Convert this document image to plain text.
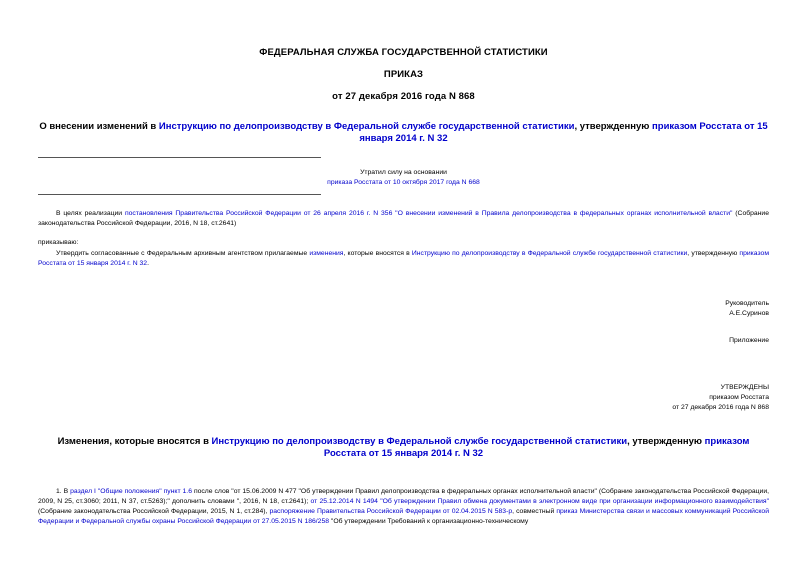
ФЕДЕРАЛЬНАЯ СЛУЖБА ГОСУДАРСТВЕННОЙ СТАТИСТИКИ
ПРИКАЗ
от 27 декабря 2016 года N 868
О внесении изменений в Инструкцию по делопроизводству в Федеральной службе государственной статистики, утвержденную приказом Росстата от 15 января 2014 г. N 32
Утратил силу на основании
приказа Росстата от 10 октября 2017 года N 668
В целях реализации постановления Правительства Российской Федерации от 26 апреля 2016 г. N 356 "О внесении изменений в Правила делопроизводства в федеральных органах исполнительной власти" (Собрание законодательства Российской Федерации, 2016, N 18, ст.2641)
приказываю:
Утвердить согласованные с Федеральным архивным агентством прилагаемые изменения, которые вносятся в Инструкцию по делопроизводству в Федеральной службе государственной статистики, утвержденную приказом Росстата от 15 января 2014 г. N 32.
Руководитель
А.Е.Суринов
Приложение
УТВЕРЖДЕНЫ
приказом Росстата
от 27 декабря 2016 года N 868
Изменения, которые вносятся в Инструкцию по делопроизводству в Федеральной службе государственной статистики, утвержденную приказом Росстата от 15 января 2014 г. N 32
1. В раздел I "Общие положения" пункт 1.6 после слов "от 15.06.2009 N 477 "Об утверждении Правил делопроизводства в федеральных органах исполнительной власти" (Собрание законодательства Российской Федерации, 2009, N 25, ст.3060; 2011, N 37, ст.5263);" дополнить словами ", 2016, N 18, ст.2641); от 25.12.2014 N 1494 "Об утверждении Правил обмена документами в электронном виде при организации информационного взаимодействия" (Собрание законодательства Российской Федерации, 2015, N 1, ст.284), распоряжение Правительства Российской Федерации от 02.04.2015 N 583-р, совместный приказ Министерства связи и массовых коммуникаций Российской Федерации и Федеральной службы охраны Российской Федерации от 27.05.2015 N 186/258 "Об утверждении Требований к организационно-техническому
